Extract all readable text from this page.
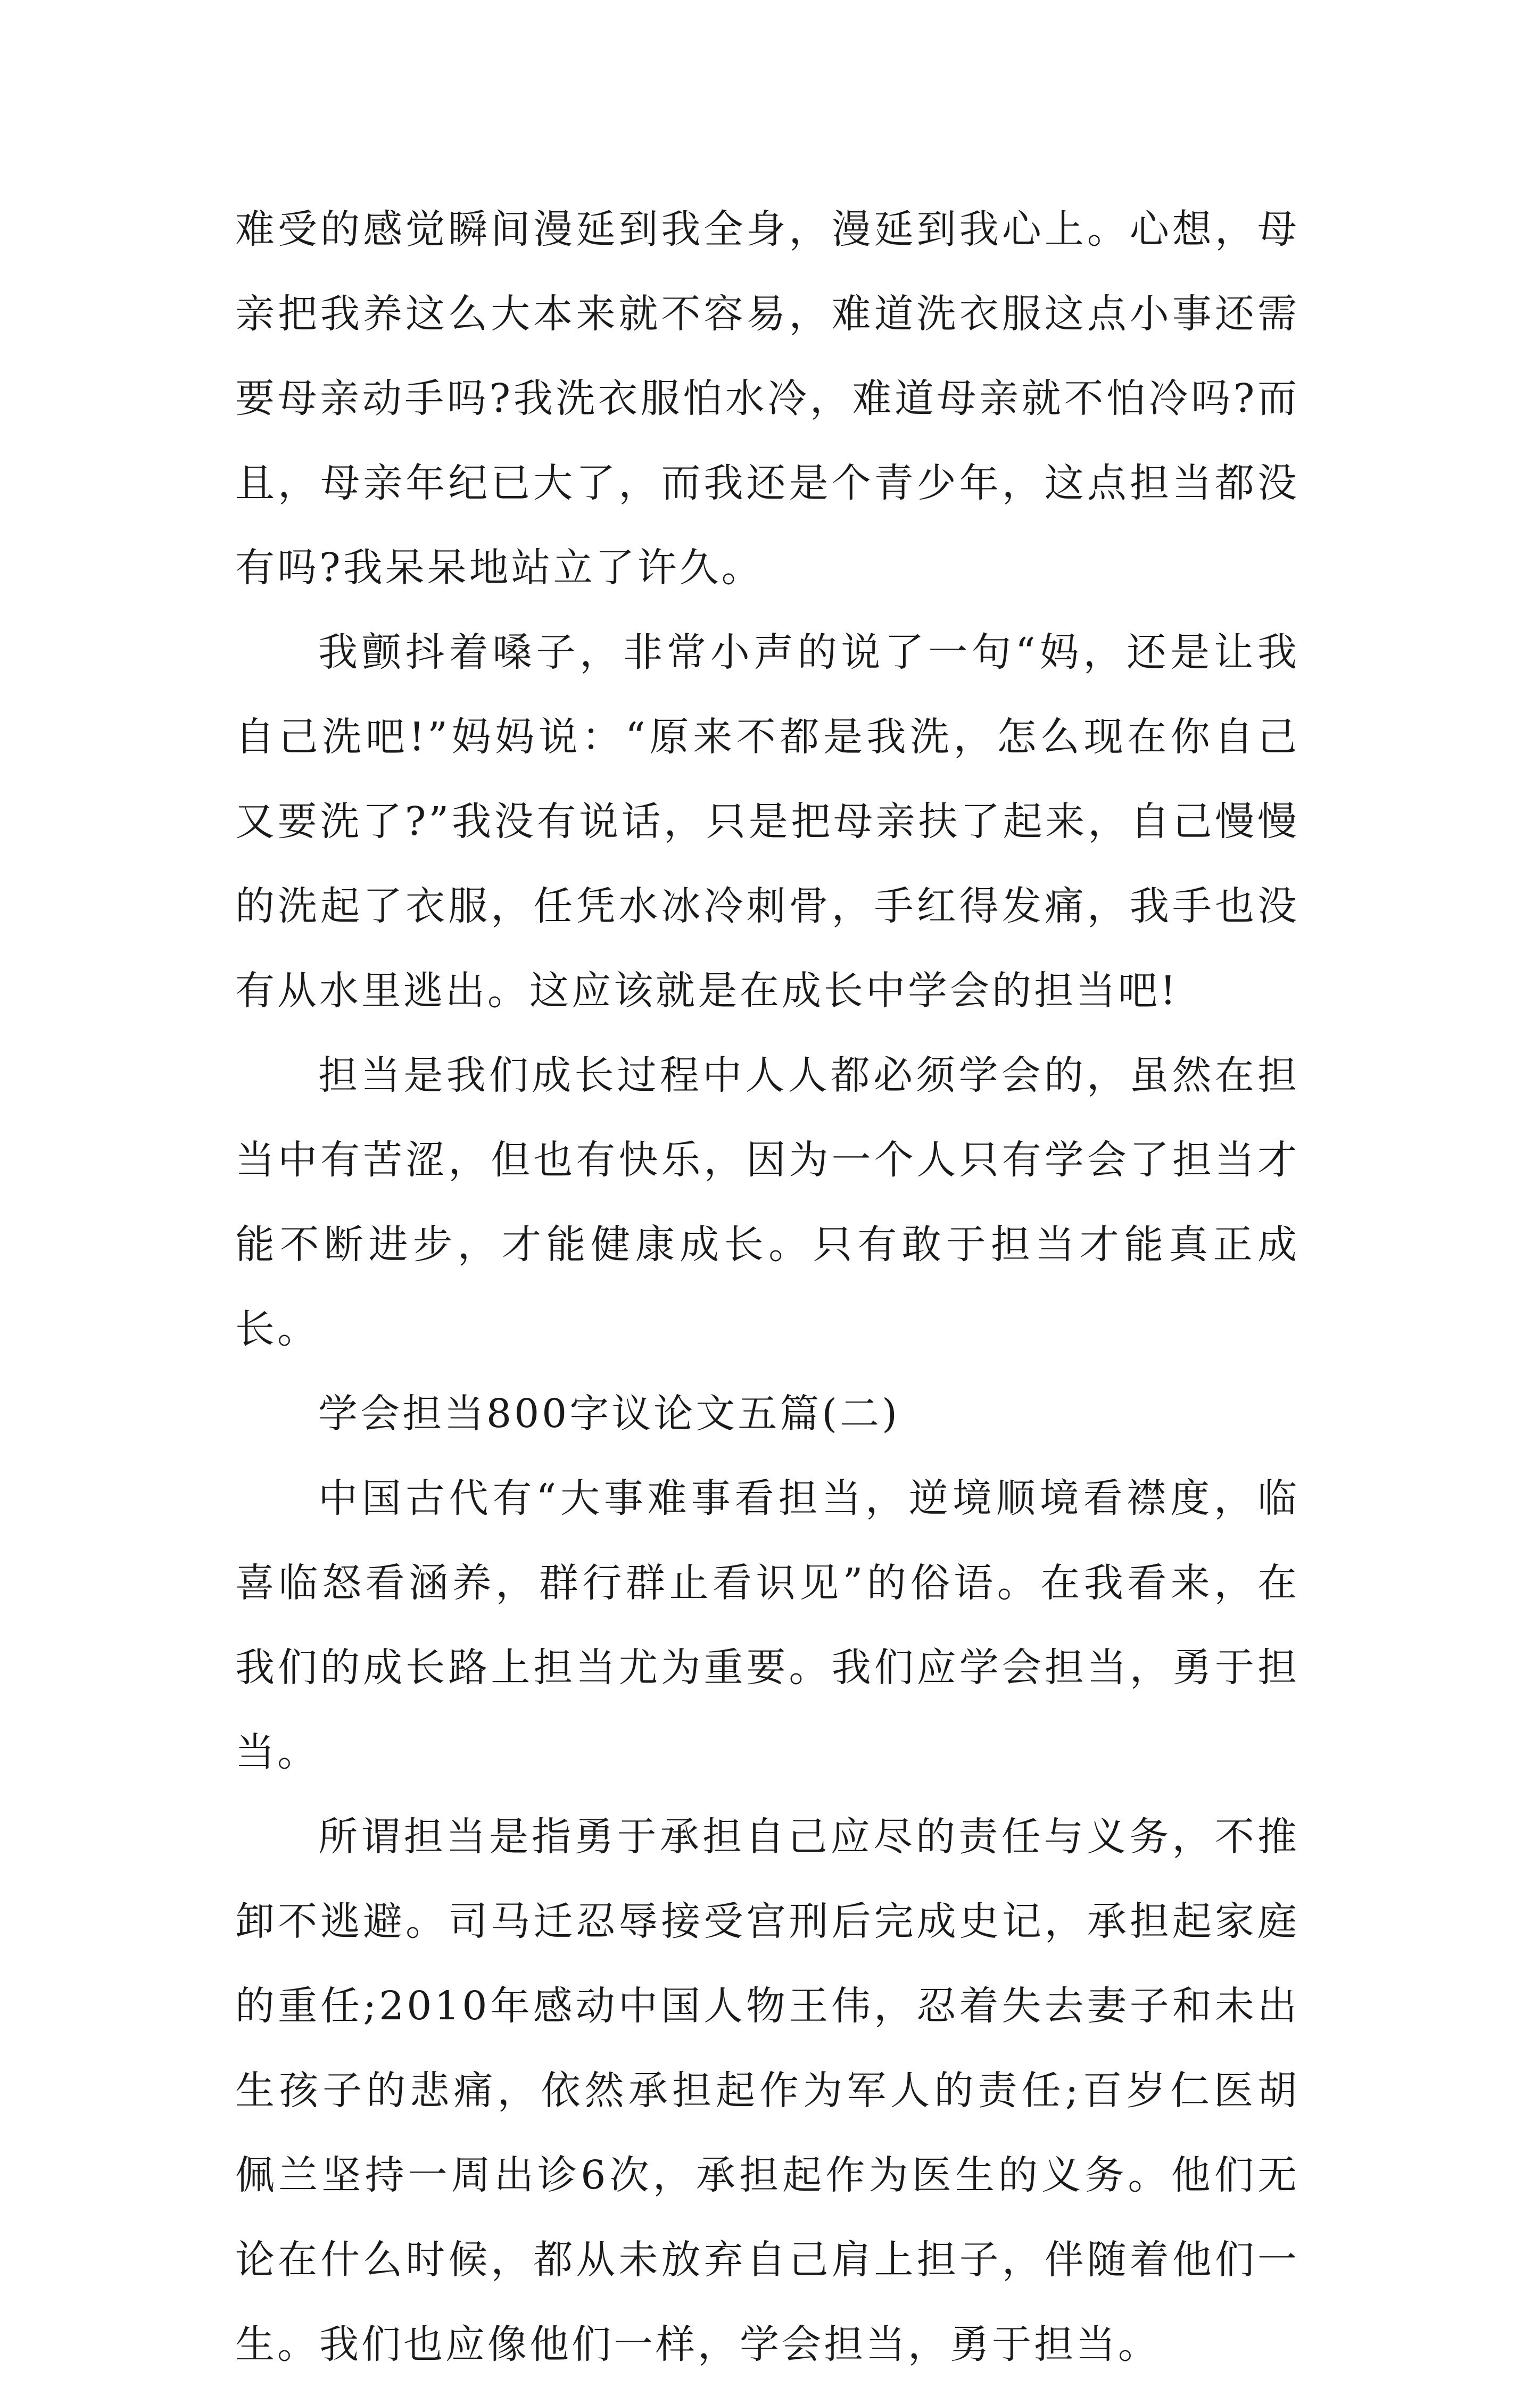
难受的感觉瞬间漫延到我全身，漫延到我心上。心想，母亲把我养这么大本来就不容易，难道洗衣服这点小事还需要母亲动手吗?我洗衣服怕水冷，难道母亲就不怕冷吗?而且，母亲年纪已大了，而我还是个青少年，这点担当都没有吗?我呆呆地站立了许久。

我颤抖着嗓子，非常小声的说了一句“妈，还是让我自己洗吧!”妈妈说：“原来不都是我洗，怎么现在你自己又要洗了?”我没有说话，只是把母亲扶了起来，自己慢慢的洗起了衣服，任凭水冰冷刺骨，手红得发痛，我手也没有从水里逃出。这应该就是在成长中学会的担当吧!

担当是我们成长过程中人人都必须学会的，虽然在担当中有苦涩，但也有快乐，因为一个人只有学会了担当才能不断进步，才能健康成长。只有敢于担当才能真正成长。

学会担当800字议论文五篇(二)

中国古代有“大事难事看担当，逆境顺境看襟度，临喜临怒看涵养，群行群止看识见”的俗语。在我看来，在我们的成长路上担当尤为重要。我们应学会担当，勇于担当。

所谓担当是指勇于承担自己应尽的责任与义务，不推卸不逃避。司马迁忍辱接受宫刑后完成史记，承担起家庭的重任;2010年感动中国人物王伟，忍着失去妻子和未出生孩子的悲痛，依然承担起作为军人的责任;百岁仁医胡佩兰坚持一周出诊6次，承担起作为医生的义务。他们无论在什么时候，都从未放弃自己肩上担子，伴随着他们一生。我们也应像他们一样，学会担当，勇于担当。
